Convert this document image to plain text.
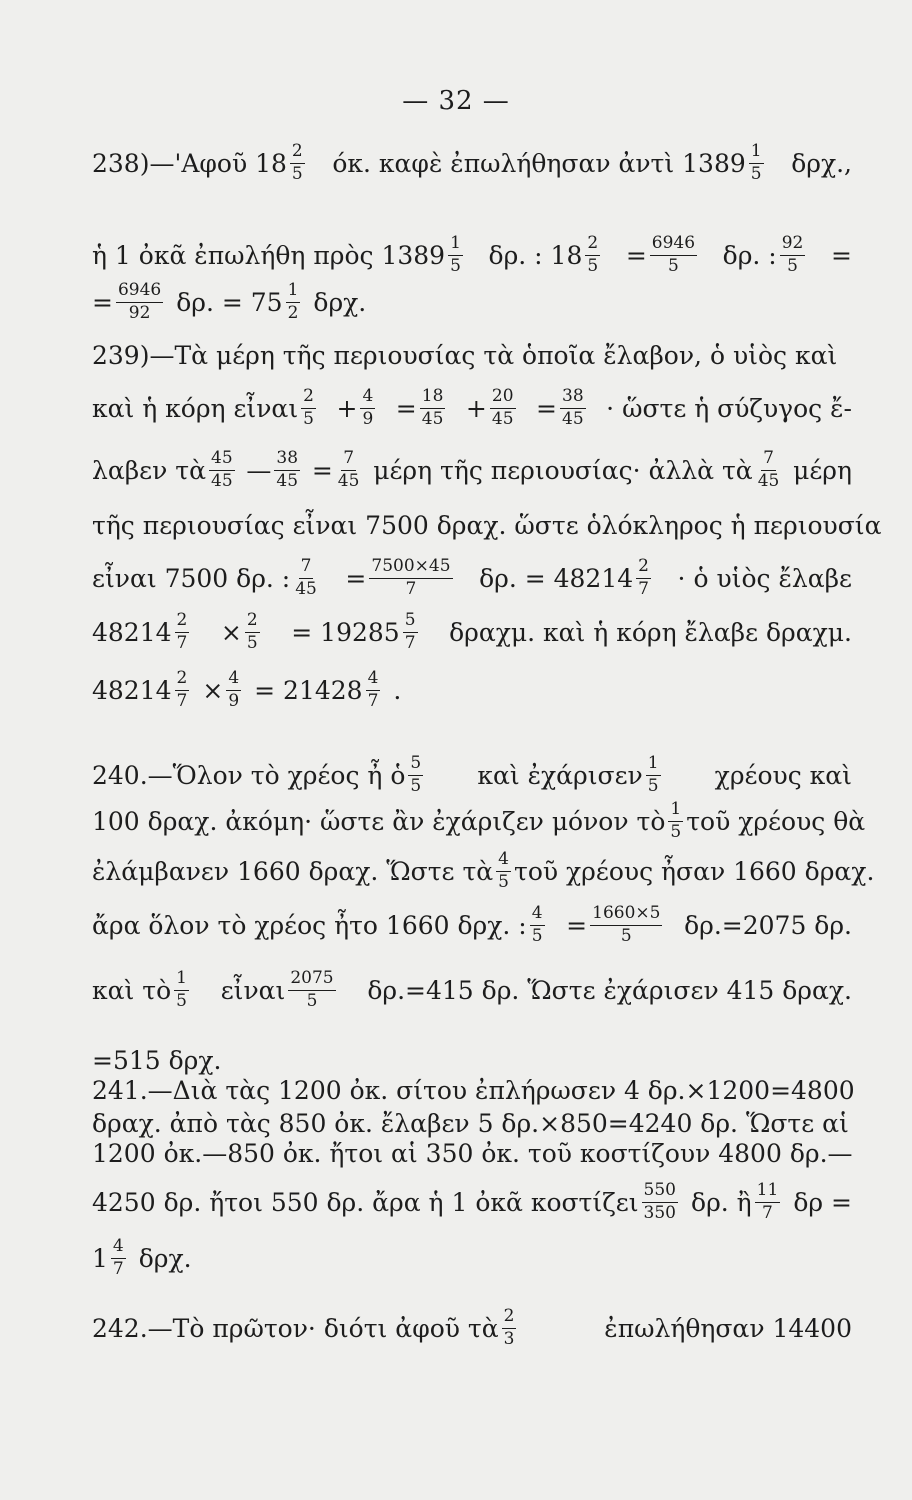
— 32 —
238)—'Αφοῦ $18 \frac{2}{5} ό\kappa$. καφὲ ἐπωλήθησαν ἀντὶ $1389 \frac{1}{5} \delta\rho\chi$.,
ἡ 1 ὀκᾶ ἐπωλήθη πρὸς $1389 \frac{1}{5} \delta\rho$. : $18 \frac{2}{5} = \frac{6946}{5} \delta\rho$. : $\frac{92}{5}$ =
= $\frac{6946}{92} \delta\rho$. = $75 \frac{1}{2} \delta\rho\chi$.
239)—Τὰ μέρη τῆς περιουσίας τὰ ὁποῖα ἔλαβον, ὁ υἱὸς καὶ
καὶ ἡ κόρη εἶναι $\frac{2}{5} + \frac{4}{9} = \frac{18}{45} + \frac{20}{45} = \frac{38}{45}$ · ὥστε ἡ σύζυγος ἔ-
λαβεν τὰ $\frac{45}{45}$ — $\frac{38}{45} = \frac{7}{45}$ μέρη τῆς περιουσίας· ἀλλὰ τὰ $\frac{7}{45}$ μέρη
τῆς περιουσίας εἶναι 7500 δραχ. ὥστε ὁλόκληρος ἡ περιουσία
εἶναι 7500 δρ. : $\frac{7}{45} = \frac{7500\times 45}{7} \delta\rho$. = $48214 \frac{2}{7}$ · ὁ υἱὸς ἔλαβε
$48214 \frac{2}{7} \times \frac{2}{5} = 19285 \frac{5}{7} \delta\rho\alpha\chi\mu$. καὶ ἡ κόρη ἔλαβε δραχμ.
$48214 \frac{2}{7} \times \frac{4}{9} = 21428 \frac{4}{7}$ .
240.—Ὅλον τὸ χρέος ἦ ὁ $\frac{5}{5}$ καὶ ἐχάρισεν $\frac{1}{5}$ χρέους καὶ
100 δραχ. ἀκόμη· ὥστε ἂν ἐχάριζεν μόνον τὸ $\frac{1}{5}$ τοῦ χρέους θὰ
ἐλάμβανεν 1660 δραχ. Ὥστε τὰ $\frac{4}{5}$ τοῦ χρέους ἦσαν 1660 δραχ.
ἄρα ὅλον τὸ χρέος ἦτο 1660 δρχ. : $\frac{4}{5} = \frac{1660\times 5}{5} \delta\rho.=2075$ δρ.
καὶ τὸ $\frac{1}{5}$ εἶναι $\frac{2075}{5} \delta\rho.=415$ δρ. Ὥστε ἐχάρισεν 415 δραχ.
=515 δρχ.
241.—Διὰ τὰς 1200 ὀκ. σίτου ἐπλήρωσεν 4 δρ.×1200=4800
δραχ. ἀπὸ τὰς 850 ὀκ. ἔλαβεν 5 δρ.×850=4240 δρ. Ὥστε αἱ
1200 ὀκ.—850 ὀκ. ἤτοι αἱ 350 ὀκ. τοῦ κοστίζουν 4800 δρ.—
4250 δρ. ἤτοι 550 δρ. ἄρα ἡ 1 ὀκᾶ κοστίζει $\frac{550}{350} \delta\rho$. ἢ $\frac{11}{7}$ δρ =
$1 \frac{4}{7} \delta\rho\chi$.
242.—Τὸ πρῶτον· διότι ἀφοῦ τὰ $\frac{2}{3}$	ἐπωλήθησαν 14400
